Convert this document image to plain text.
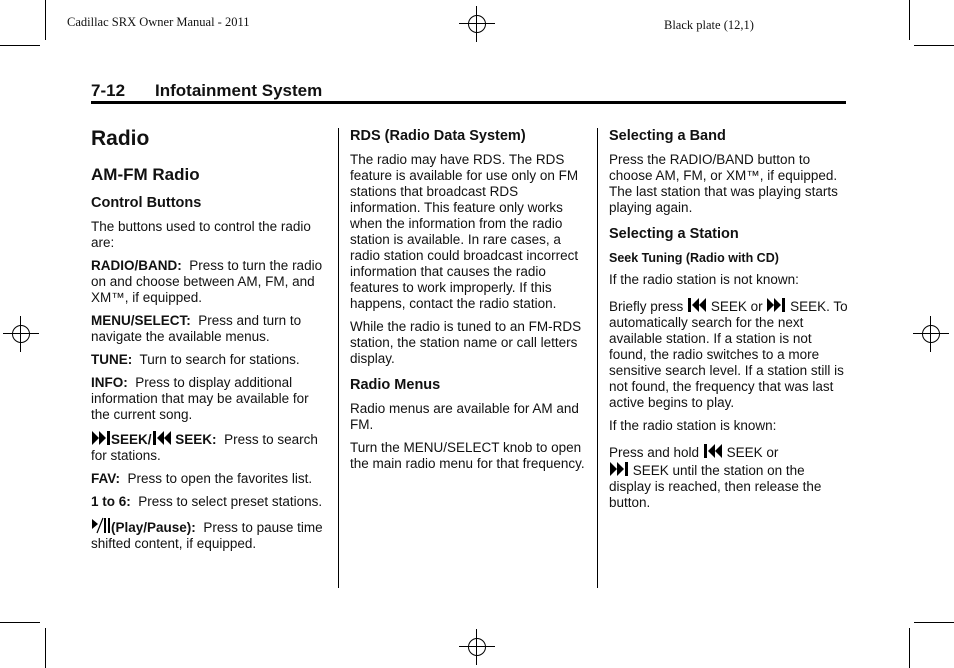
Cadillac SRX Owner Manual - 2011	Black plate (12,1)
7-12 Infotainment System
Radio
AM-FM Radio
Control Buttons

The buttons used to control the radio are:

RADIO/BAND: Press to turn the radio on and choose between AM, FM, and XM™, if equipped.

MENU/SELECT: Press and turn to navigate the available menus.

TUNE: Turn to search for stations.

INFO: Press to display additional information that may be available for the current song.

SEEK/ SEEK: Press to search for stations.

FAV: Press to open the favorites list.

1 to 6: Press to select preset stations.

(Play/Pause): Press to pause time shifted content, if equipped.

RDS (Radio Data System)

The radio may have RDS. The RDS feature is available for use only on FM stations that broadcast RDS information. This feature only works when the information from the radio station is available. In rare cases, a radio station could broadcast incorrect information that causes the radio features to work improperly. If this happens, contact the radio station.

While the radio is tuned to an FM-RDS station, the station name or call letters display.

Radio Menus

Radio menus are available for AM and FM.

Turn the MENU/SELECT knob to open the main radio menu for that frequency.

Selecting a Band

Press the RADIO/BAND button to choose AM, FM, or XM™, if equipped. The last station that was playing starts playing again.

Selecting a Station
Seek Tuning (Radio with CD)

If the radio station is not known:

Briefly press SEEK or SEEK. To automatically search for the next available station. If a station is not found, the radio switches to a more sensitive search level. If a station still is not found, the frequency that was last active begins to play.

If the radio station is known:

Press and hold SEEK or
SEEK until the station on the display is reached, then release the button.
